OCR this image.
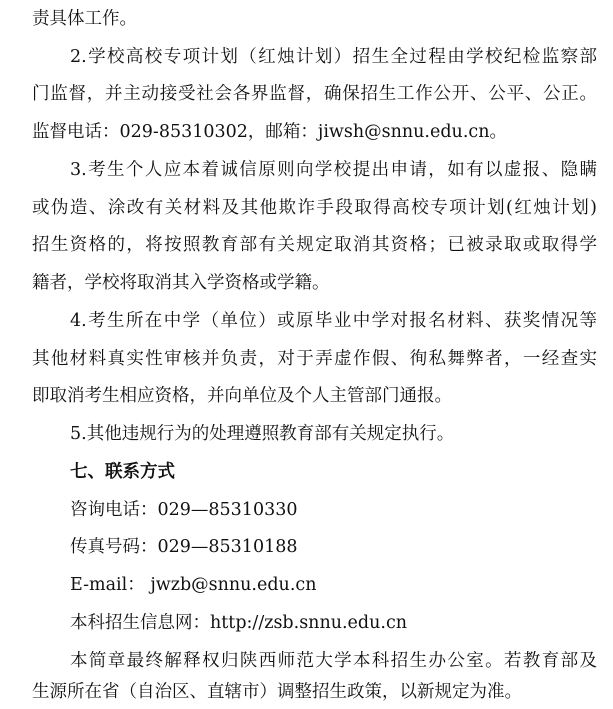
责具体工作。
2.学校高校专项计划（红烛计划）招生全过程由学校纪检监察部
门监督，并主动接受社会各界监督，确保招生工作公开、公平、公正。
监督电话：029-85310302，邮箱：jiwsh@snnu.edu.cn。
3.考生个人应本着诚信原则向学校提出申请，如有以虚报、隐瞒
或伪造、涂改有关材料及其他欺诈手段取得高校专项计划(红烛计划)
招生资格的，将按照教育部有关规定取消其资格；已被录取或取得学
籍者，学校将取消其入学资格或学籍。
4.考生所在中学（单位）或原毕业中学对报名材料、获奖情况等
其他材料真实性审核并负责，对于弄虚作假、徇私舞弊者，一经查实
即取消考生相应资格，并向单位及个人主管部门通报。
5.其他违规行为的处理遵照教育部有关规定执行。
七、联系方式
咨询电话：029—85310330
传真号码：029—85310188
E-mail： jwzb@snnu.edu.cn
本科招生信息网：http://zsb.snnu.edu.cn
本简章最终解释权归陕西师范大学本科招生办公室。若教育部及
生源所在省（自治区、直辖市）调整招生政策，以新规定为准。
